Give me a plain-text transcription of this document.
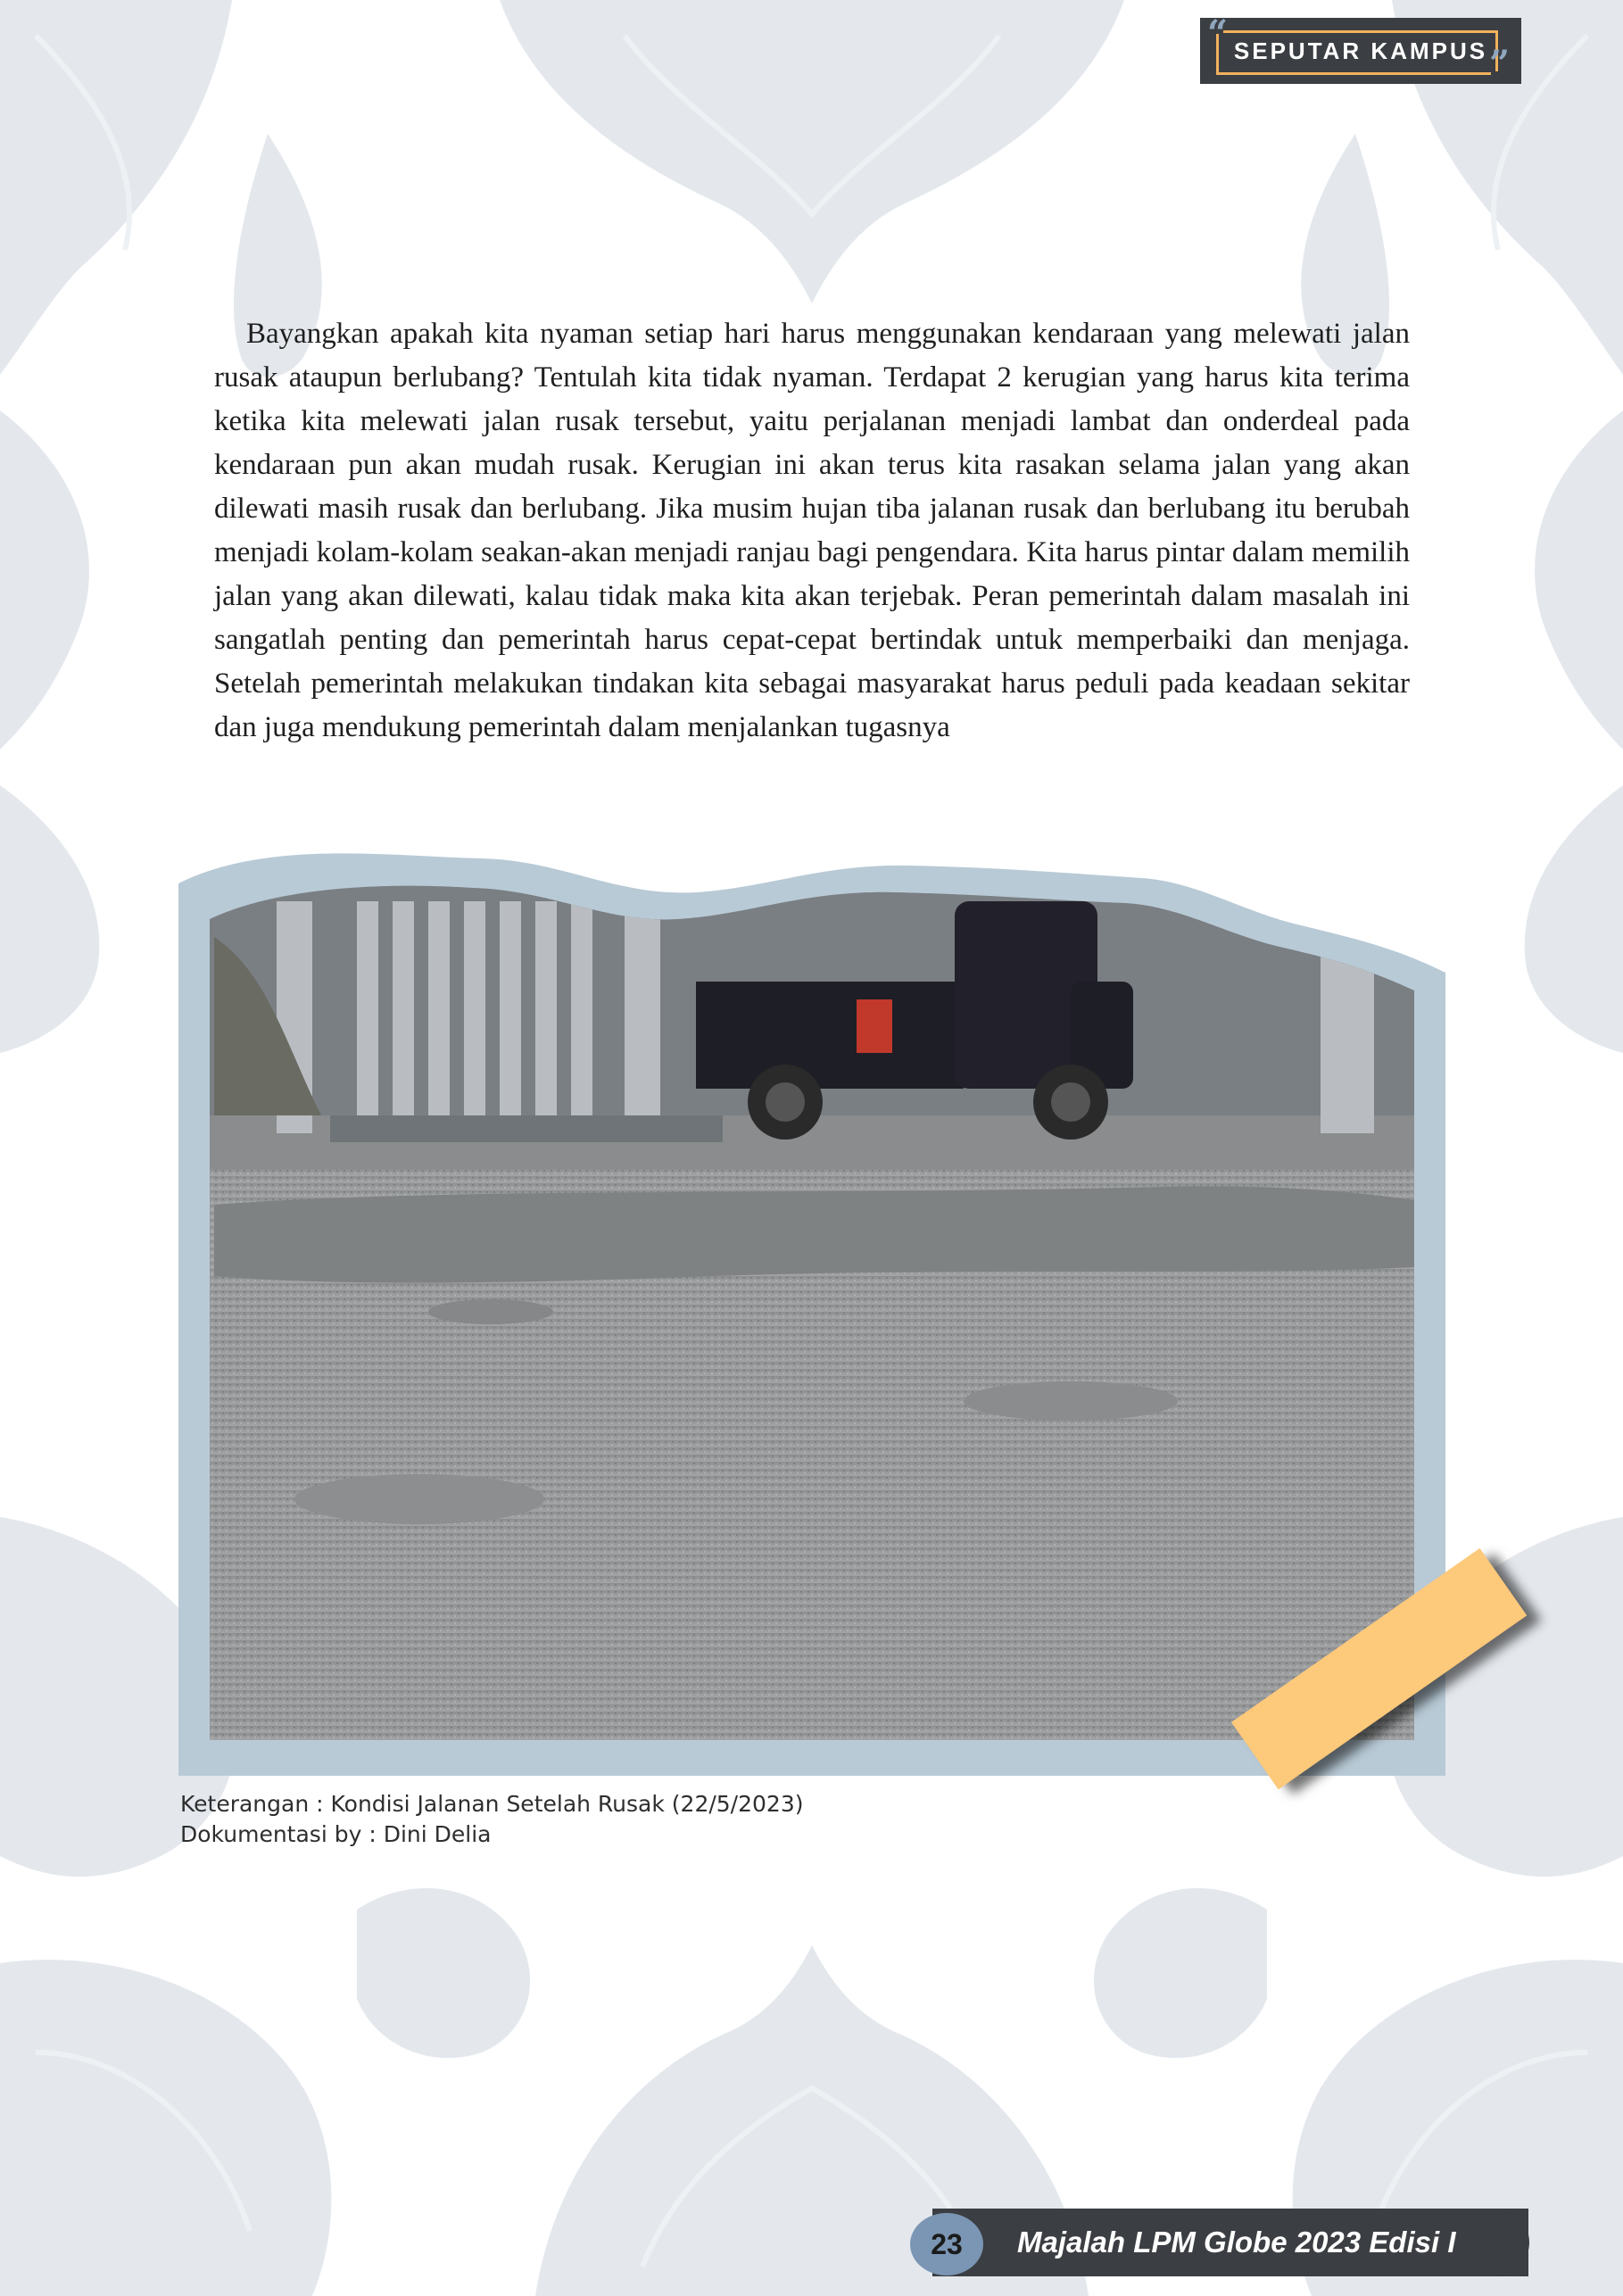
“ SEPUTAR KAMPUS ”

Bayangkan apakah kita nyaman setiap hari harus menggunakan kendaraan yang melewati jalan rusak ataupun berlubang? Tentulah kita tidak nyaman. Terdapat 2 kerugian yang harus kita terima ketika kita melewati jalan rusak tersebut, yaitu perjalanan menjadi lambat dan onderdeal pada kendaraan pun akan mudah rusak. Kerugian ini akan terus kita rasakan selama jalan yang akan dilewati masih rusak dan berlubang. Jika musim hujan tiba jalanan rusak dan berlubang itu berubah menjadi kolam-kolam seakan-akan menjadi ranjau bagi pengendara. Kita harus pintar dalam memilih jalan yang akan dilewati, kalau tidak maka kita akan terjebak. Peran pemerintah dalam masalah ini sangatlah penting dan pemerintah harus cepat-cepat bertindak untuk memperbaiki dan menjaga. Setelah pemerintah melakukan tindakan kita sebagai masyarakat harus peduli pada keadaan sekitar dan juga mendukung pemerintah dalam menjalankan tugasnya

Keterangan : Kondisi Jalanan Setelah Rusak (22/5/2023)
Dokumentasi by : Dini Delia
23	Majalah LPM Globe 2023 Edisi I
